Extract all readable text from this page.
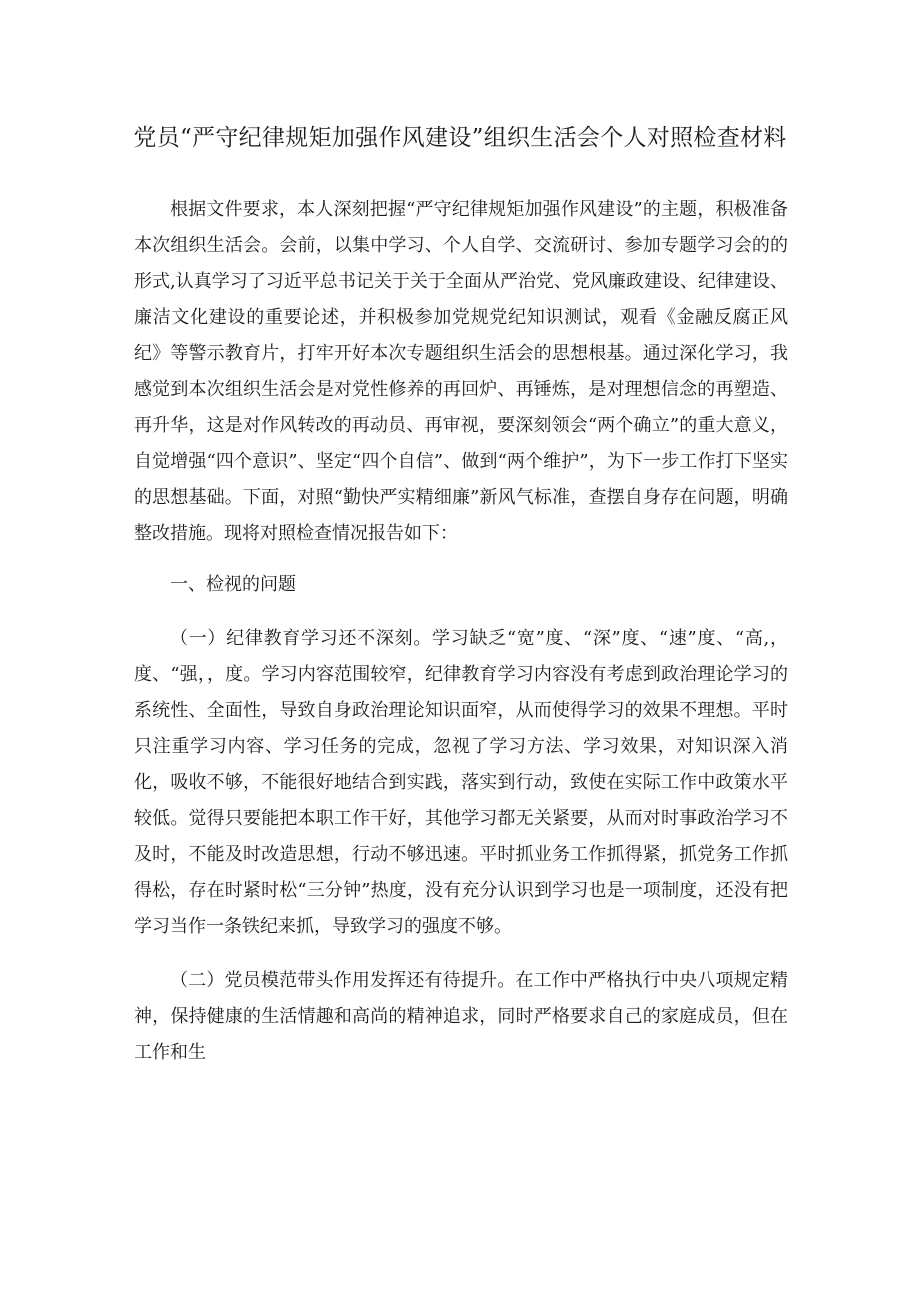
党员“严守纪律规矩加强作风建设”组织生活会个人对照检查材料

根据文件要求，本人深刻把握“严守纪律规矩加强作风建设”的主题，积极准备本次组织生活会。会前，以集中学习、个人自学、交流研讨、参加专题学习会的的形式,认真学习了习近平总书记关于关于全面从严治党、党风廉政建设、纪律建设、廉洁文化建设的重要论述，并积极参加党规党纪知识测试，观看《金融反腐正风纪》等警示教育片，打牢开好本次专题组织生活会的思想根基。通过深化学习，我感觉到本次组织生活会是对党性修养的再回炉、再锤炼，是对理想信念的再塑造、再升华，这是对作风转改的再动员、再审视，要深刻领会“两个确立”的重大意义，自觉增强“四个意识”、坚定“四个自信”、做到“两个维护”，为下一步工作打下坚实的思想基础。下面，对照“勤快严实精细廉”新风气标准，查摆自身存在问题，明确整改措施。现将对照检查情况报告如下：

一、检视的问题

（一）纪律教育学习还不深刻。学习缺乏“宽”度、“深”度、“速”度、“高,，度、“强，，度。学习内容范围较窄，纪律教育学习内容没有考虑到政治理论学习的系统性、全面性，导致自身政治理论知识面窄，从而使得学习的效果不理想。平时只注重学习内容、学习任务的完成，忽视了学习方法、学习效果，对知识深入消化，吸收不够，不能很好地结合到实践，落实到行动，致使在实际工作中政策水平较低。觉得只要能把本职工作干好，其他学习都无关紧要，从而对时事政治学习不及时，不能及时改造思想，行动不够迅速。平时抓业务工作抓得紧，抓党务工作抓得松，存在时紧时松“三分钟”热度，没有充分认识到学习也是一项制度，还没有把学习当作一条铁纪来抓，导致学习的强度不够。

（二）党员模范带头作用发挥还有待提升。在工作中严格执行中央八项规定精神，保持健康的生活情趣和高尚的精神追求，同时严格要求自己的家庭成员，但在工作和生
